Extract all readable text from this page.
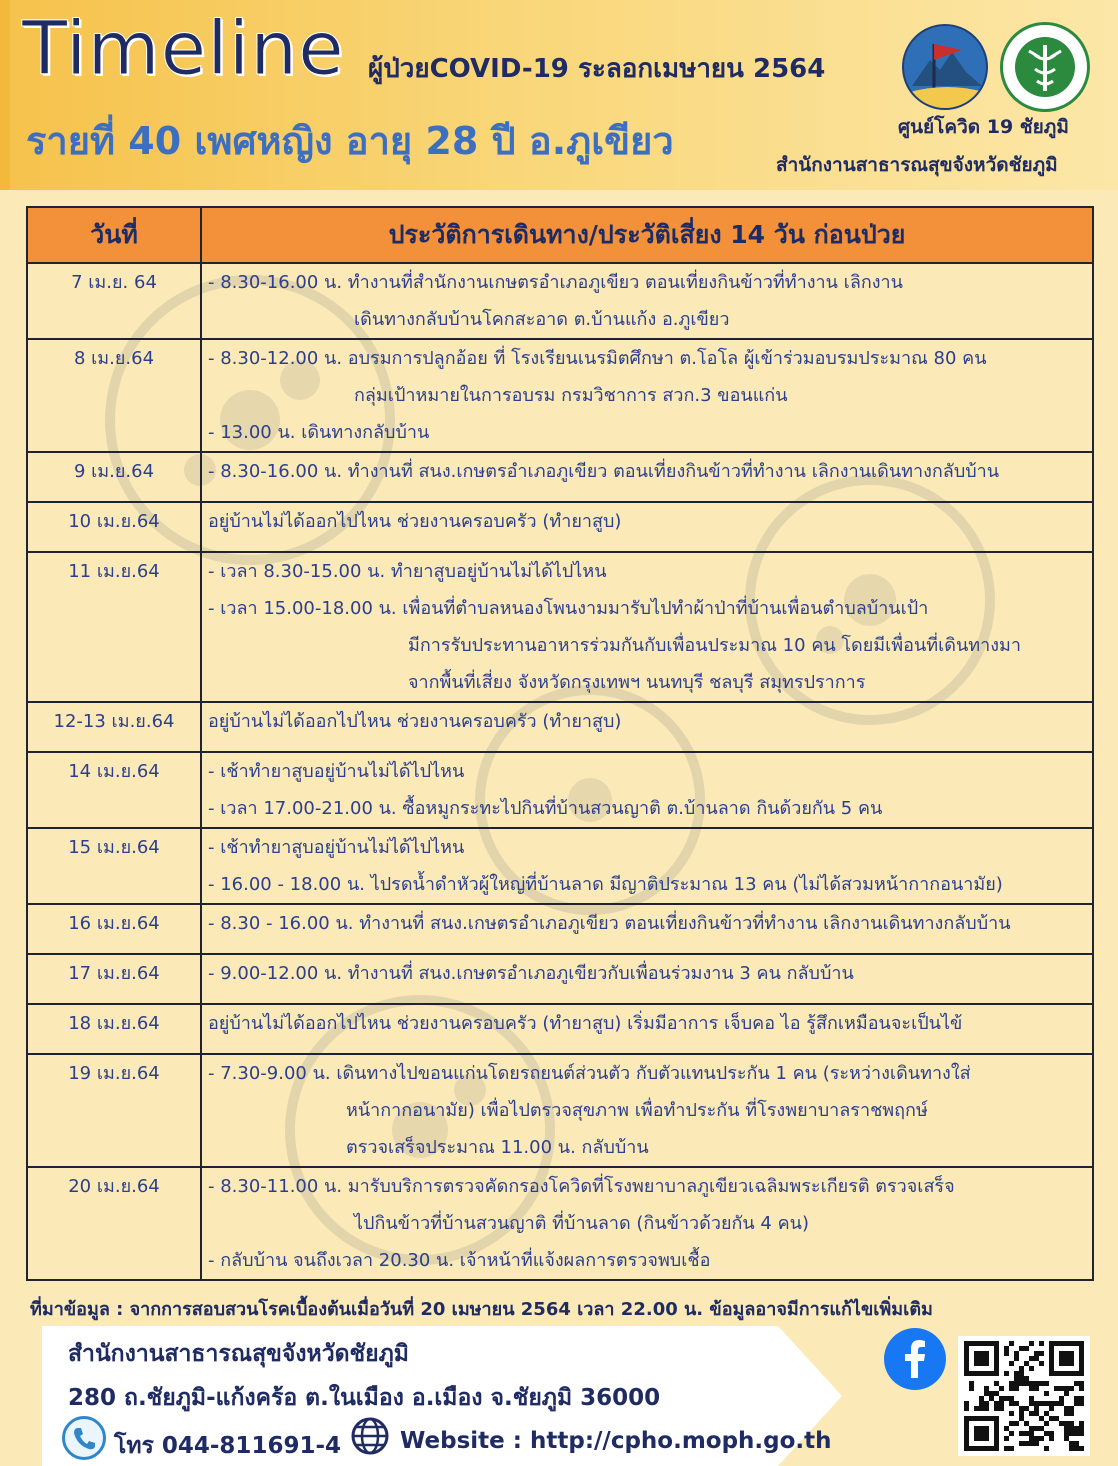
Timeline ผู้ป่วยCOVID-19 ระลอกเมษายน 2564
รายที่ 40 เพศหญิง อายุ 28 ปี อ.ภูเขียว	ศูนย์โควิด 19 ชัยภูมิ
สำนักงานสาธารณสุขจังหวัดชัยภูมิ
วันที่	ประวัติการเดินทาง/ประวัติเสี่ยง 14 วัน ก่อนป่วย
7 เม.ย. 64	- 8.30-16.00 น. ทำงานที่สำนักงานเกษตรอำเภอภูเขียว ตอนเที่ยงกินข้าวที่ทำงาน เลิกงาน
เดินทางกลับบ้านโคกสะอาด ต.บ้านแก้ง อ.ภูเขียว

8 เม.ย.64	- 8.30-12.00 น. อบรมการปลูกอ้อย ที่ โรงเรียนเนรมิตศึกษา ต.โอโล ผู้เข้าร่วมอบรมประมาณ 80 คน
กลุ่มเป้าหมายในการอบรม กรมวิชาการ สวก.3 ขอนแก่น
- 13.00 น. เดินทางกลับบ้าน

9 เม.ย.64	- 8.30-16.00 น. ทำงานที่ สนง.เกษตรอำเภอภูเขียว ตอนเที่ยงกินข้าวที่ทำงาน เลิกงานเดินทางกลับบ้าน

10 เม.ย.64	อยู่บ้านไม่ได้ออกไปไหน ช่วยงานครอบครัว (ทำยาสูบ)

11 เม.ย.64	- เวลา 8.30-15.00 น. ทำยาสูบอยู่บ้านไม่ได้ไปไหน
- เวลา 15.00-18.00 น. เพื่อนที่ตำบลหนองโพนงามมารับไปทำผ้าป่าที่บ้านเพื่อนตำบลบ้านเป้า
มีการรับประทานอาหารร่วมกันกับเพื่อนประมาณ 10 คน โดยมีเพื่อนที่เดินทางมา
จากพื้นที่เสี่ยง จังหวัดกรุงเทพฯ นนทบุรี ชลบุรี สมุทรปราการ

12-13 เม.ย.64	อยู่บ้านไม่ได้ออกไปไหน ช่วยงานครอบครัว (ทำยาสูบ)

14 เม.ย.64	- เช้าทำยาสูบอยู่บ้านไม่ได้ไปไหน
- เวลา 17.00-21.00 น. ซื้อหมูกระทะไปกินที่บ้านสวนญาติ ต.บ้านลาด กินด้วยกัน 5 คน

15 เม.ย.64	- เช้าทำยาสูบอยู่บ้านไม่ได้ไปไหน
- 16.00 - 18.00 น. ไปรดน้ำดำหัวผู้ใหญ่ที่บ้านลาด มีญาติประมาณ 13 คน (ไม่ได้สวมหน้ากากอนามัย)

16 เม.ย.64	- 8.30 - 16.00 น. ทำงานที่ สนง.เกษตรอำเภอภูเขียว ตอนเที่ยงกินข้าวที่ทำงาน เลิกงานเดินทางกลับบ้าน

17 เม.ย.64	- 9.00-12.00 น. ทำงานที่ สนง.เกษตรอำเภอภูเขียวกับเพื่อนร่วมงาน 3 คน กลับบ้าน

18 เม.ย.64	อยู่บ้านไม่ได้ออกไปไหน ช่วยงานครอบครัว (ทำยาสูบ) เริ่มมีอาการ เจ็บคอ ไอ รู้สึกเหมือนจะเป็นไข้

19 เม.ย.64	- 7.30-9.00 น. เดินทางไปขอนแก่นโดยรถยนต์ส่วนตัว กับตัวแทนประกัน 1 คน (ระหว่างเดินทางใส่
หน้ากากอนามัย) เพื่อไปตรวจสุขภาพ เพื่อทำประกัน ที่โรงพยาบาลราชพฤกษ์
ตรวจเสร็จประมาณ 11.00 น. กลับบ้าน

20 เม.ย.64	- 8.30-11.00 น. มารับบริการตรวจคัดกรองโควิดที่โรงพยาบาลภูเขียวเฉลิมพระเกียรติ ตรวจเสร็จ
ไปกินข้าวที่บ้านสวนญาติ ที่บ้านลาด (กินข้าวด้วยกัน 4 คน)
- กลับบ้าน จนถึงเวลา 20.30 น. เจ้าหน้าที่แจ้งผลการตรวจพบเชื้อ
ที่มาข้อมูล : จากการสอบสวนโรคเบื้องต้นเมื่อวันที่ 20 เมษายน 2564 เวลา 22.00 น. ข้อมูลอาจมีการแก้ไขเพิ่มเติม
สำนักงานสาธารณสุขจังหวัดชัยภูมิ
280 ถ.ชัยภูมิ-แก้งคร้อ ต.ในเมือง อ.เมือง จ.ชัยภูมิ 36000
โทร 044-811691-4	Website : http://cpho.moph.go.th
